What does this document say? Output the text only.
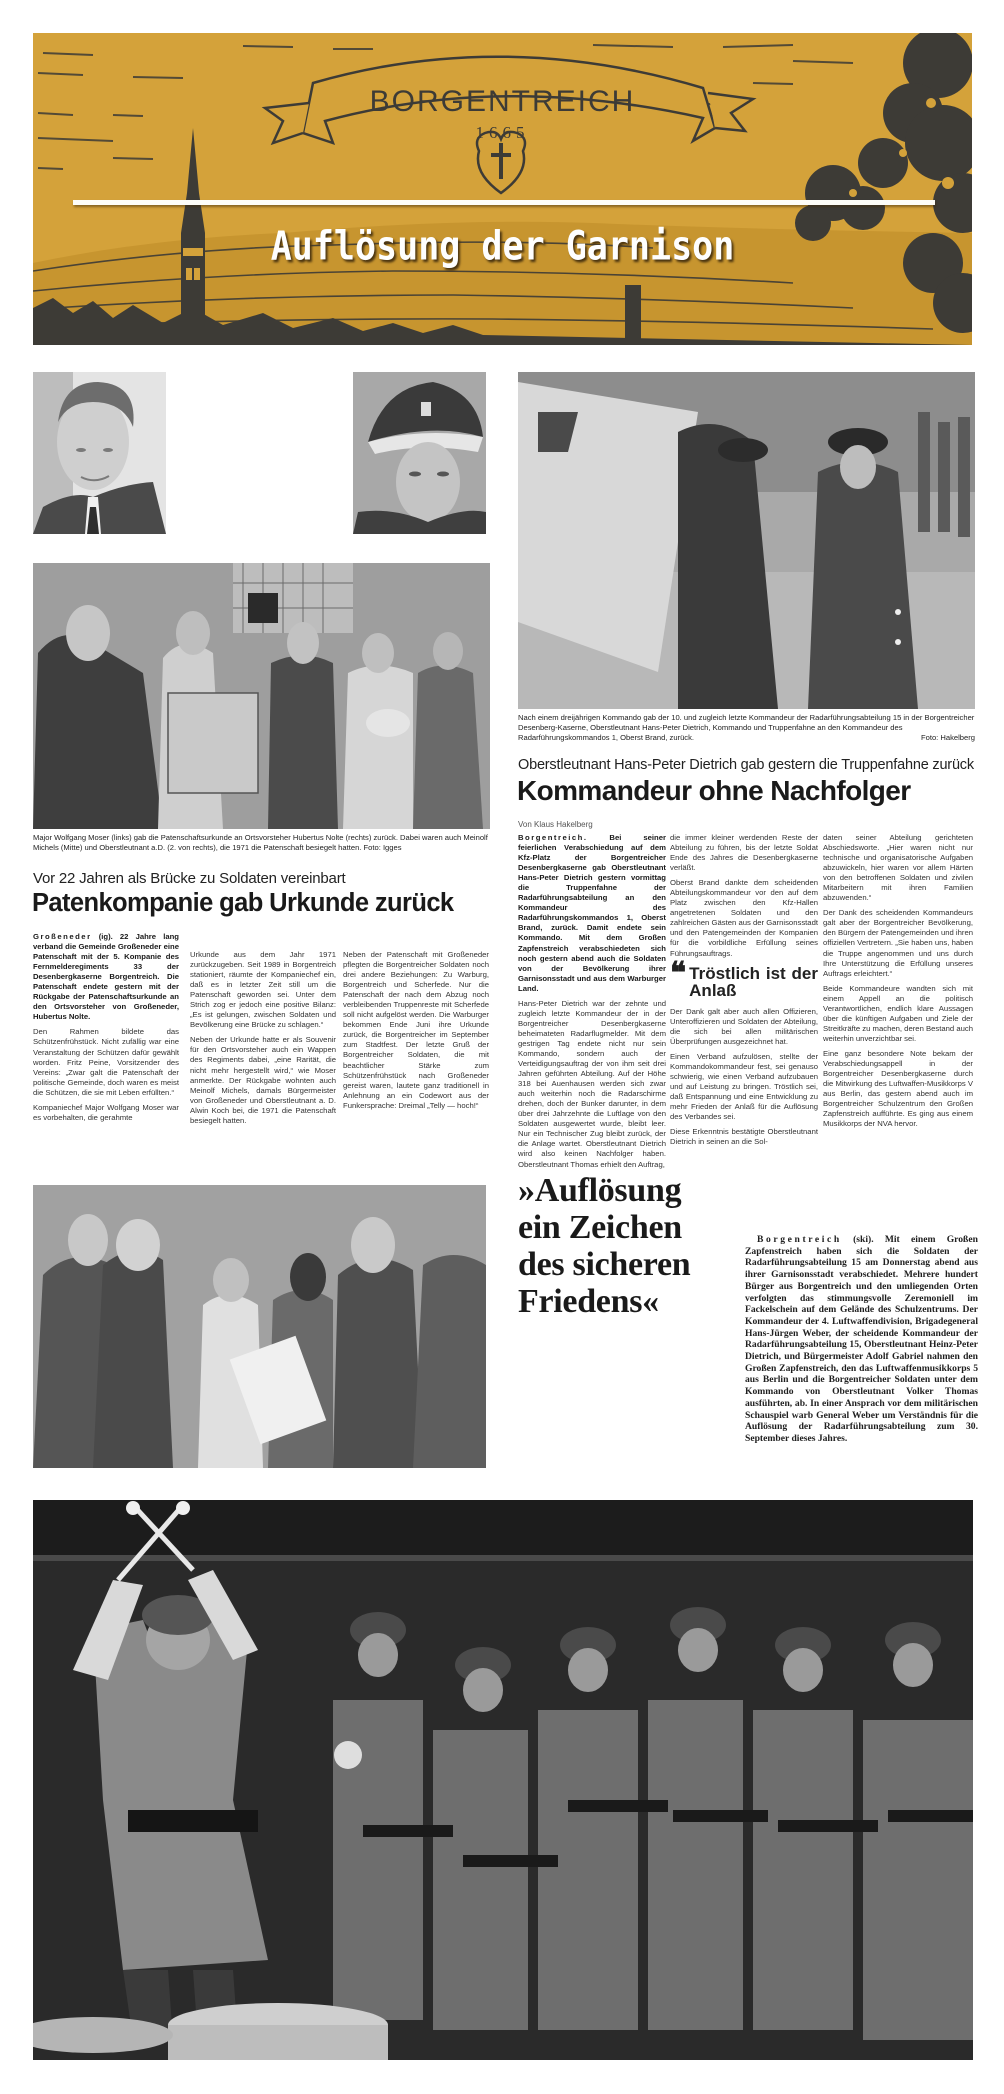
BORGENTREICH
1665
Auflösung der Garnison
Nach einem dreijährigen Kommando gab der 10. und zugleich letzte Kommandeur der Radarführungsabteilung 15 in der Borgentreicher Desenberg-Kaserne, Oberstleutnant Hans-Peter Dietrich, Kommando und Truppenfahne an den Kommandeur des Radarführungskommandos 1, Oberst Brand, zurück.	Foto: Hakelberg
Major Wolfgang Moser (links) gab die Patenschaftsurkunde an Ortsvorsteher Hubertus Nolte (rechts) zurück. Dabei waren auch Meinolf Michels (Mitte) und Oberstleutnant a.D. (2. von rechts), die 1971 die Patenschaft besiegelt hatten. Foto: Igges
Vor 22 Jahren als Brücke zu Soldaten vereinbart
Patenkompanie gab Urkunde zurück

Großeneder (ig). 22 Jahre lang verband die Gemeinde Großeneder eine Patenschaft mit der 5. Kompanie des Fernmelderegiments 33 der Desenbergkaserne Borgentreich. Die Patenschaft endete gestern mit der Rückgabe der Patenschaftsurkunde an den Ortsvorsteher von Großeneder, Hubertus Nolte.

Den Rahmen bildete das Schützenfrühstück. Nicht zufällig war eine Veranstaltung der Schützen dafür gewählt worden. Fritz Peine, Vorsitzender des Vereins: „Zwar galt die Patenschaft der politische Gemeinde, doch waren es meist die Schützen, die sie mit Leben erfüllten.“

Kompaniechef Major Wolfgang Moser war es vorbehalten, die gerahmte

Urkunde aus dem Jahr 1971 zurückzugeben. Seit 1989 in Borgentreich stationiert, räumte der Kompaniechef ein, daß es in letzter Zeit still um die Patenschaft geworden sei. Unter dem Strich zog er jedoch eine positive Bilanz: „Es ist gelungen, zwischen Soldaten und Bevölkerung eine Brücke zu schlagen.“

Neben der Urkunde hatte er als Souvenir für den Ortsvorsteher auch ein Wappen des Regiments dabei, „eine Rarität, die nicht mehr hergestellt wird,“ wie Moser anmerkte. Der Rückgabe wohnten auch Meinolf Michels, damals Bürgermeister von Großeneder und Oberstleutnant a. D. Alwin Koch bei, die 1971 die Patenschaft besiegelt hatten.

Neben der Patenschaft mit Großeneder pflegten die Borgentreicher Soldaten noch drei andere Beziehungen: Zu Warburg, Borgentreich und Scherfede. Nur die Patenschaft der nach dem Abzug noch verbleibenden Truppenreste mit Scherfede soll nicht aufgelöst werden. Die Warburger bekommen Ende Juni ihre Urkunde zurück, die Borgentreicher im September zum Stadtfest. Der letzte Gruß der Borgentreicher Soldaten, die mit beachtlicher Stärke zum Schützenfrühstück nach Großeneder gereist waren, lautete ganz traditionell in Anlehnung an ein Codewort aus der Funkersprache: Dreimal „Telly — hoch!“

Oberstleutnant Hans-Peter Dietrich gab gestern die Truppenfahne zurück
Kommandeur ohne Nachfolger
Von Klaus Hakelberg

Borgentreich. Bei seiner feierlichen Verabschiedung auf dem Kfz-Platz der Borgentreicher Desenbergkaserne gab Oberstleutnant Hans-Peter Dietrich gestern vormittag die Truppenfahne der Radarführungsabteilung an den Kommandeur des Radarführungskommandos 1, Oberst Brand, zurück. Damit endete sein Kommando. Mit dem Großen Zapfenstreich verabschiedeten sich noch gestern abend auch die Soldaten von der Bevölkerung ihrer Garnisonsstadt und aus dem Warburger Land.

Hans-Peter Dietrich war der zehnte und zugleich letzte Kommandeur der in der Borgentreicher Desenbergkaserne beheimateten Radarflugmelder. Mit dem gestrigen Tag endete nicht nur sein Kommando, sondern auch der Verteidigungsauftrag der von ihm seit drei Jahren geführten Abteilung. Auf der Höhe 318 bei Auenhausen werden sich zwar auch weiterhin noch die Radarschirme drehen, doch der Bunker darunter, in dem über drei Jahrzehnte die Luftlage von den Soldaten ausgewertet wurde, bleibt leer. Nur ein Technischer Zug bleibt zurück, der die Anlage wartet. Oberstleutnant Dietrich wird also keinen Nachfolger haben. Oberstleutnant Thomas erhielt den Auftrag,

die immer kleiner werdenden Reste der Abteilung zu führen, bis der letzte Soldat Ende des Jahres die Desenbergkaserne verläßt.

Oberst Brand dankte dem scheidenden Abteilungskommandeur vor den auf dem Platz zwischen den Kfz-Hallen angetretenen Soldaten und den zahlreichen Gästen aus der Garnisonsstadt und den Patengemeinden der Kompanien für die vorbildliche Erfüllung seines Führungsauftrags.

❝ Tröstlich ist der Anlaß

Der Dank galt aber auch allen Offizieren, Unteroffizieren und Soldaten der Abteilung, die sich bei allen militärischen Überprüfungen ausgezeichnet hat.

Einen Verband aufzulösen, stellte der Kommandokommandeur fest, sei genauso schwierig, wie einen Verband aufzubauen und auf Leistung zu bringen. Tröstlich sei, daß Entspannung und eine Entwicklung zu mehr Frieden der Anlaß für die Auflösung des Verbandes sei.

Diese Erkenntnis bestätigte Oberstleutnant Dietrich in seinen an die Sol-

daten seiner Abteilung gerichteten Abschiedsworte. „Hier waren nicht nur technische und organisatorische Aufgaben abzuwickeln, hier waren vor allem Härten von den betroffenen Soldaten und zivilen Mitarbeitern mit ihren Familien abzuwenden.“

Der Dank des scheidenden Kommandeurs galt aber der Borgentreicher Bevölkerung, den Bürgern der Patengemeinden und ihren offiziellen Vertretern. „Sie haben uns, haben die Truppe angenommen und uns durch Ihre Unterstützung die Erfüllung unseres Auftrags erleichtert.“

Beide Kommandeure wandten sich mit einem Appell an die politisch Verantwortlichen, endlich klare Aussagen über die künftigen Aufgaben und Ziele der Streitkräfte zu machen, deren Bestand auch weiterhin unverzichtbar sei.

Eine ganz besondere Note bekam der Verabschiedungsappell in der Borgentreicher Desenbergkaserne durch die Mitwirkung des Luftwaffen-Musikkorps V aus Berlin, das gestern abend auch im Borgentreicher Schulzentrum den Großen Zapfenstreich aufführte. Es ging aus einem Musikkorps der NVA hervor.

»Auflösung
ein Zeichen
des sicheren
Friedens«
Borgentreich (ski). Mit einem Großen Zapfenstreich haben sich die Soldaten der Radarführungsabteilung 15 am Donnerstag abend aus ihrer Garnisonsstadt verabschiedet. Mehrere hundert Bürger aus Borgentreich und den umliegenden Orten verfolgten das stimmungsvolle Zeremoniell im Fackelschein auf dem Gelände des Schulzentrums. Der Kommandeur der 4. Luftwaffendivision, Brigadegeneral Hans-Jürgen Weber, der scheidende Kommandeur der Radarführungsabteilung 15, Oberstleutnant Heinz-Peter Dietrich, und Bürgermeister Adolf Gabriel nahmen den Großen Zapfenstreich, den das Luftwaffenmusikkorps 5 aus Berlin und die Borgentreicher Soldaten unter dem Kommando von Oberstleutnant Volker Thomas ausführten, ab. In einer Ansprach vor dem militärischen Schauspiel warb General Weber um Verständnis für die Auflösung der Radarführungsabteilung zum 30. September dieses Jahres.
